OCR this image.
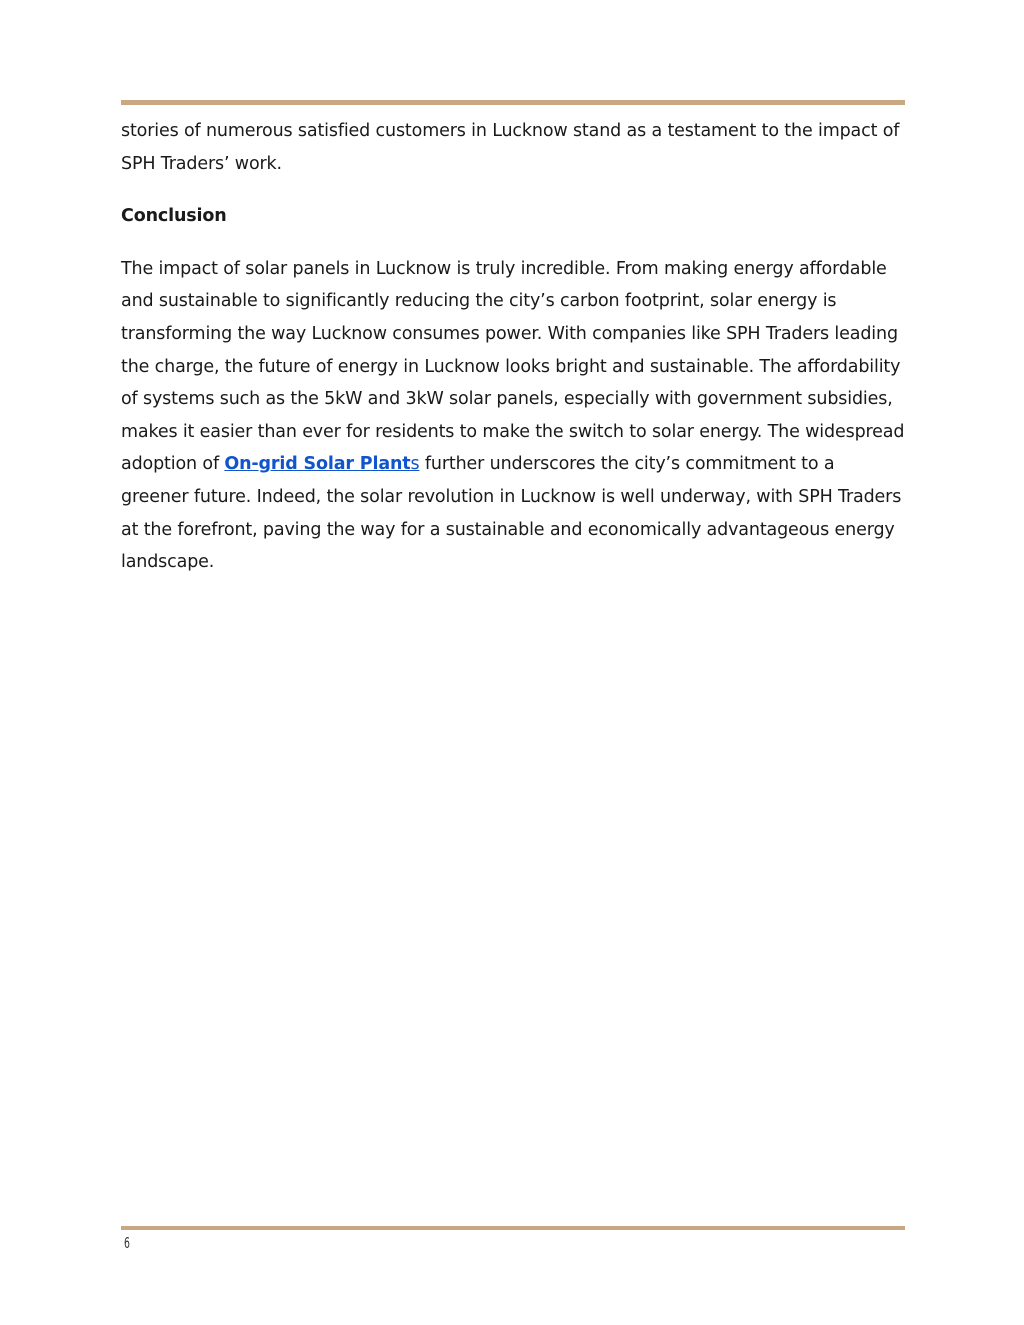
stories of numerous satisfied customers in Lucknow stand as a testament to the impact of SPH Traders’ work.

Conclusion

The impact of solar panels in Lucknow is truly incredible. From making energy affordable and sustainable to significantly reducing the city’s carbon footprint, solar energy is transforming the way Lucknow consumes power. With companies like SPH Traders leading the charge, the future of energy in Lucknow looks bright and sustainable. The affordability of systems such as the 5kW and 3kW solar panels, especially with government subsidies, makes it easier than ever for residents to make the switch to solar energy. The widespread adoption of On-grid Solar Plants further underscores the city’s commitment to a greener future. Indeed, the solar revolution in Lucknow is well underway, with SPH Traders at the forefront, paving the way for a sustainable and economically advantageous energy landscape.

6
